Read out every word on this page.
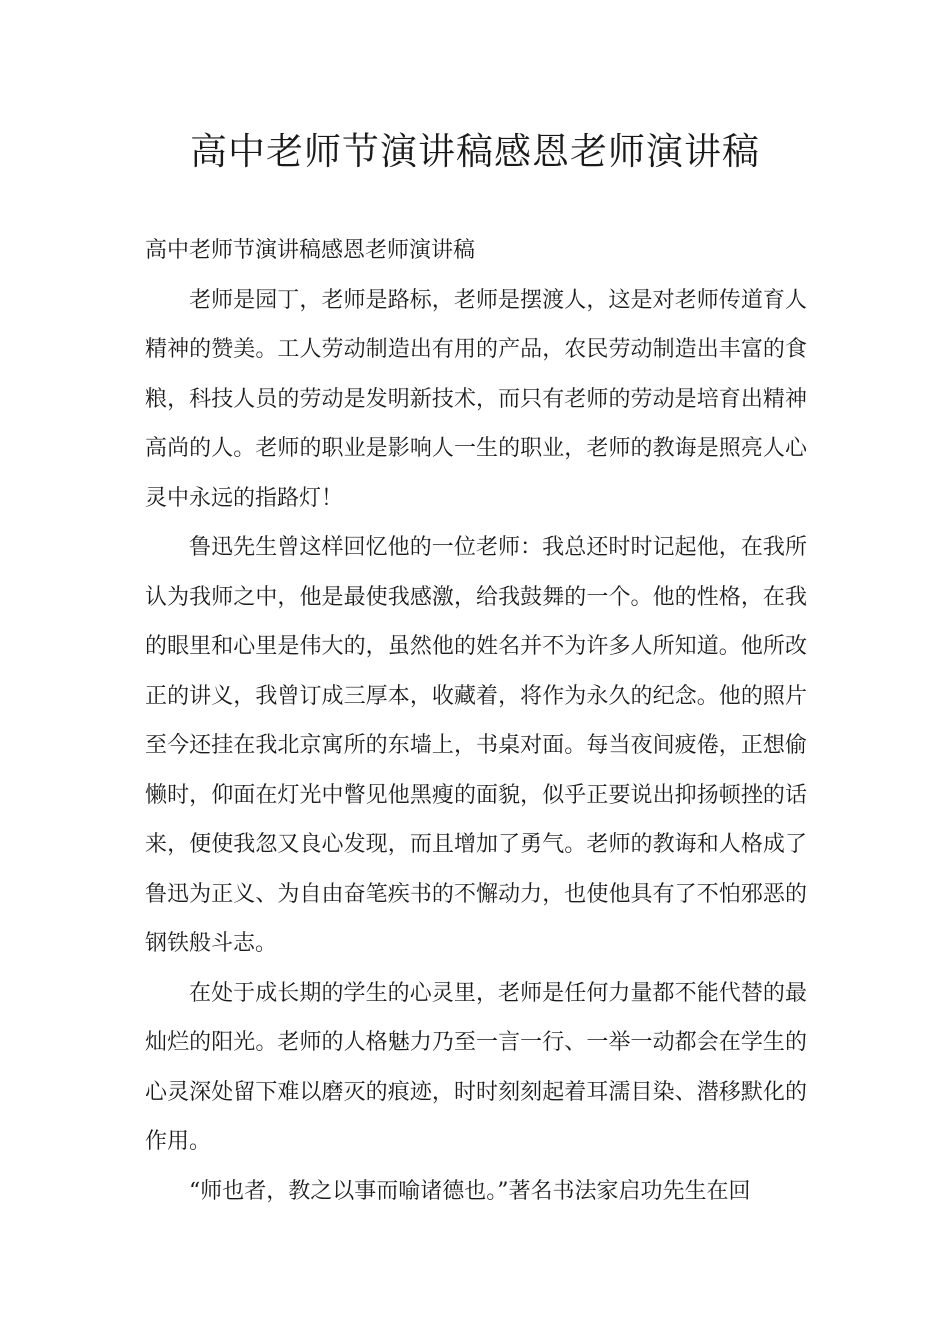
高中老师节演讲稿感恩老师演讲稿

高中老师节演讲稿感恩老师演讲稿

老师是园丁，老师是路标，老师是摆渡人，这是对老师传道育人精神的赞美。工人劳动制造出有用的产品，农民劳动制造出丰富的食粮，科技人员的劳动是发明新技术，而只有老师的劳动是培育出精神高尚的人。老师的职业是影响人一生的职业，老师的教诲是照亮人心灵中永远的指路灯！

鲁迅先生曾这样回忆他的一位老师：我总还时时记起他，在我所认为我师之中，他是最使我感激，给我鼓舞的一个。他的性格，在我的眼里和心里是伟大的，虽然他的姓名并不为许多人所知道。他所改正的讲义，我曾订成三厚本，收藏着，将作为永久的纪念。他的照片至今还挂在我北京寓所的东墙上，书桌对面。每当夜间疲倦，正想偷懒时，仰面在灯光中瞥见他黑瘦的面貌，似乎正要说出抑扬顿挫的话来，便使我忽又良心发现，而且增加了勇气。老师的教诲和人格成了鲁迅为正义、为自由奋笔疾书的不懈动力，也使他具有了不怕邪恶的钢铁般斗志。

在处于成长期的学生的心灵里，老师是任何力量都不能代替的最灿烂的阳光。老师的人格魅力乃至一言一行、一举一动都会在学生的心灵深处留下难以磨灭的痕迹，时时刻刻起着耳濡目染、潜移默化的作用。

“师也者，教之以事而喻诸德也。”著名书法家启功先生在回
